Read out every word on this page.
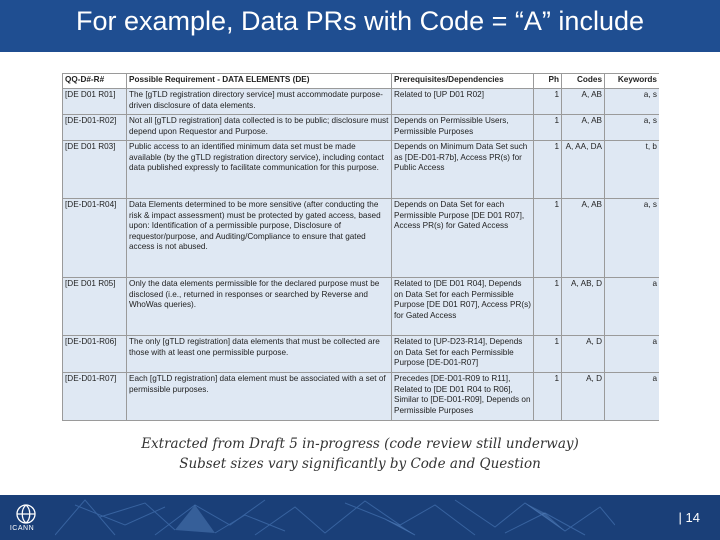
For example, Data PRs with Code = “A” include
QQ-D#-R#	Possible Requirement - DATA ELEMENTS (DE)	Prerequisites/Dependencies	Ph	Codes	Keywords
[DE D01 R01]	The [gTLD registration directory service] must accommodate purpose-driven disclosure of data elements.	Related to [UP D01 R02]	1	A, AB	a, s
[DE-D01-R02]	Not all [gTLD registration] data collected is to be public; disclosure must depend upon Requestor and Purpose.	Depends on Permissible Users, Permissible Purposes	1	A, AB	a, s
[DE D01 R03]	Public access to an identified minimum data set must be made available (by the gTLD registration directory service), including contact data published expressly to facilitate communication for this purpose.	Depends on Minimum Data Set such as [DE-D01-R7b], Access PR(s) for Public Access	1	A, AA, DA	t, b
[DE-D01-R04]	Data Elements determined to be more sensitive (after conducting the risk & impact assessment) must be protected by gated access, based upon: Identification of a permissible purpose, Disclosure of requestor/purpose, and Auditing/Compliance to ensure that gated access is not abused.	Depends on Data Set for each Permissible Purpose [DE D01 R07], Access PR(s) for Gated Access	1	A, AB	a, s
[DE D01 R05]	Only the data elements permissible for the declared purpose must be disclosed (i.e., returned in responses or searched by Reverse and WhoWas queries).	Related to [DE D01 R04], Depends on Data Set for each Permissible Purpose [DE D01 R07], Access PR(s) for Gated Access	1	A, AB, D	a
[DE-D01-R06]	The only [gTLD registration] data elements that must be collected are those with at least one permissible purpose.	Related to [UP-D23-R14], Depends on Data Set for each Permissible Purpose [DE-D01-R07]	1	A, D	a
[DE-D01-R07]	Each [gTLD registration] data element must be associated with a set of permissible purposes.	Precedes [DE-D01-R09 to R11], Related to [DE D01 R04 to R06], Similar to [DE-D01-R09], Depends on Permissible Purposes	1	A, D	a
Extracted from Draft 5 in-progress (code review still underway)
Subset sizes vary significantly by Code and Question
ICANN
| 14
